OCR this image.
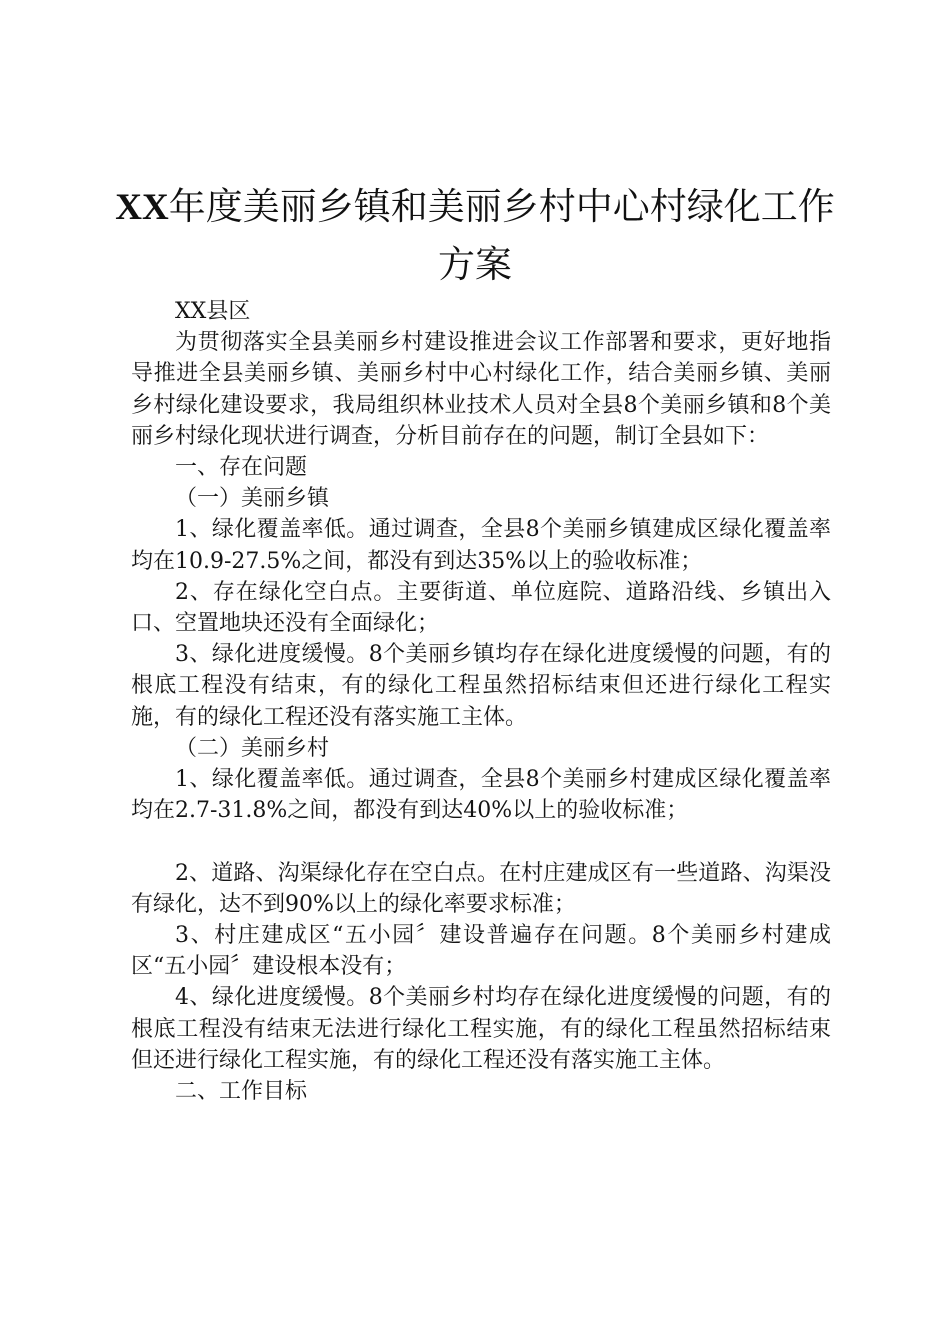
XX年度美丽乡镇和美丽乡村中心村绿化工作
方案

XX县区

为贯彻落实全县美丽乡村建设推进会议工作部署和要求，更好地指导推进全县美丽乡镇、美丽乡村中心村绿化工作，结合美丽乡镇、美丽乡村绿化建设要求，我局组织林业技术人员对全县8个美丽乡镇和8个美丽乡村绿化现状进行调查，分析目前存在的问题，制订全县如下：

一、存在问题

（一）美丽乡镇

1、绿化覆盖率低。通过调查，全县8个美丽乡镇建成区绿化覆盖率均在10.9-27.5%之间，都没有到达35%以上的验收标准；

2、存在绿化空白点。主要街道、单位庭院、道路沿线、乡镇出入口、空置地块还没有全面绿化；

3、绿化进度缓慢。8个美丽乡镇均存在绿化进度缓慢的问题，有的根底工程没有结束，有的绿化工程虽然招标结束但还进行绿化工程实施，有的绿化工程还没有落实施工主体。

（二）美丽乡村

1、绿化覆盖率低。通过调查，全县8个美丽乡村建成区绿化覆盖率均在2.7-31.8%之间，都没有到达40%以上的验收标准；

2、道路、沟渠绿化存在空白点。在村庄建成区有一些道路、沟渠没有绿化，达不到90%以上的绿化率要求标准；

3、村庄建成区“五小园〞建设普遍存在问题。8个美丽乡村建成区“五小园〞建设根本没有；

4、绿化进度缓慢。8个美丽乡村均存在绿化进度缓慢的问题，有的根底工程没有结束无法进行绿化工程实施，有的绿化工程虽然招标结束但还进行绿化工程实施，有的绿化工程还没有落实施工主体。

二、工作目标
